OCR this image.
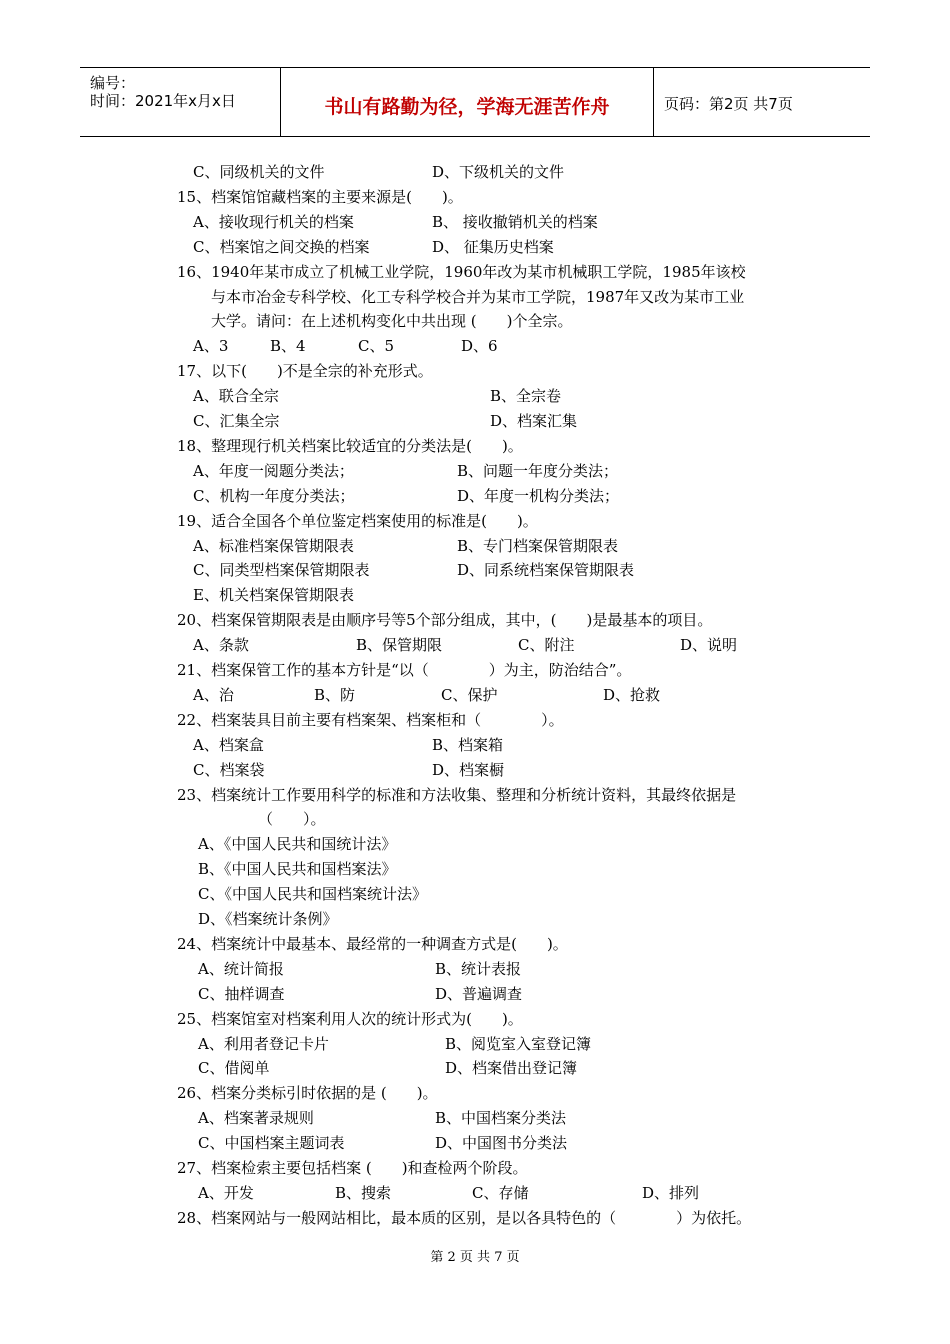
编号：
时间：2021年x月x日	书山有路勤为径，学海无涯苦作舟	页码：第2页 共7页
C、同级机关的文件	D、下级机关的文件
15、档案馆馆藏档案的主要来源是(　　)。
A、接收现行机关的档案	B、 接收撤销机关的档案
C、档案馆之间交换的档案	D、 征集历史档案
16、1940年某市成立了机械工业学院，1960年改为某市机械职工学院，1985年该校
与本市冶金专科学校、化工专科学校合并为某市工学院，1987年又改为某市工业
大学。请问：在上述机构变化中共出现 (　　)个全宗。
A、3	B、4	C、5	D、6
17、以下(　　)不是全宗的补充形式。
A、联合全宗	B、全宗卷
C、汇集全宗	D、档案汇集
18、整理现行机关档案比较适宜的分类法是(　　)。
A、年度一阅题分类法；	B、问题一年度分类法；
C、机构一年度分类法；	D、年度一机构分类法；
19、适合全国各个单位鉴定档案使用的标准是(　　)。
A、标准档案保管期限表	B、专门档案保管期限表
C、同类型档案保管期限表	D、同系统档案保管期限表
E、机关档案保管期限表
20、档案保管期限表是由顺序号等5个部分组成，其中，(　　)是最基本的项目。
A、条款	B、保管期限	C、附注	D、说明
21、档案保管工作的基本方针是“以（　　　　）为主，防治结合”。
A、治	B、防	C、保护	D、抢救
22、档案装具目前主要有档案架、档案柜和（　　　　）。
A、档案盒	B、档案箱
C、档案袋	D、档案橱
23、档案统计工作要用科学的标准和方法收集、整理和分析统计资料，其最终依据是
（　　）。
A、《中国人民共和国统计法》
B、《中国人民共和国档案法》
C、《中国人民共和国档案统计法》
D、《档案统计条例》
24、档案统计中最基本、最经常的一种调查方式是(　　)。
A、统计简报	B、统计表报
C、抽样调查	D、普遍调查
25、档案馆室对档案利用人次的统计形式为(　　)。
A、利用者登记卡片	B、阅览室入室登记簿
C、借阅单	D、档案借出登记簿
26、档案分类标引时依据的是 (　　)。
A、档案著录规则	B、中国档案分类法
C、中国档案主题词表	D、中国图书分类法
27、档案检索主要包括档案 (　　)和查检两个阶段。
A、开发	B、搜索	C、存储	D、排列
28、档案网站与一般网站相比，最本质的区别，是以各具特色的（　　　　）为依托。
第 2 页 共 7 页
